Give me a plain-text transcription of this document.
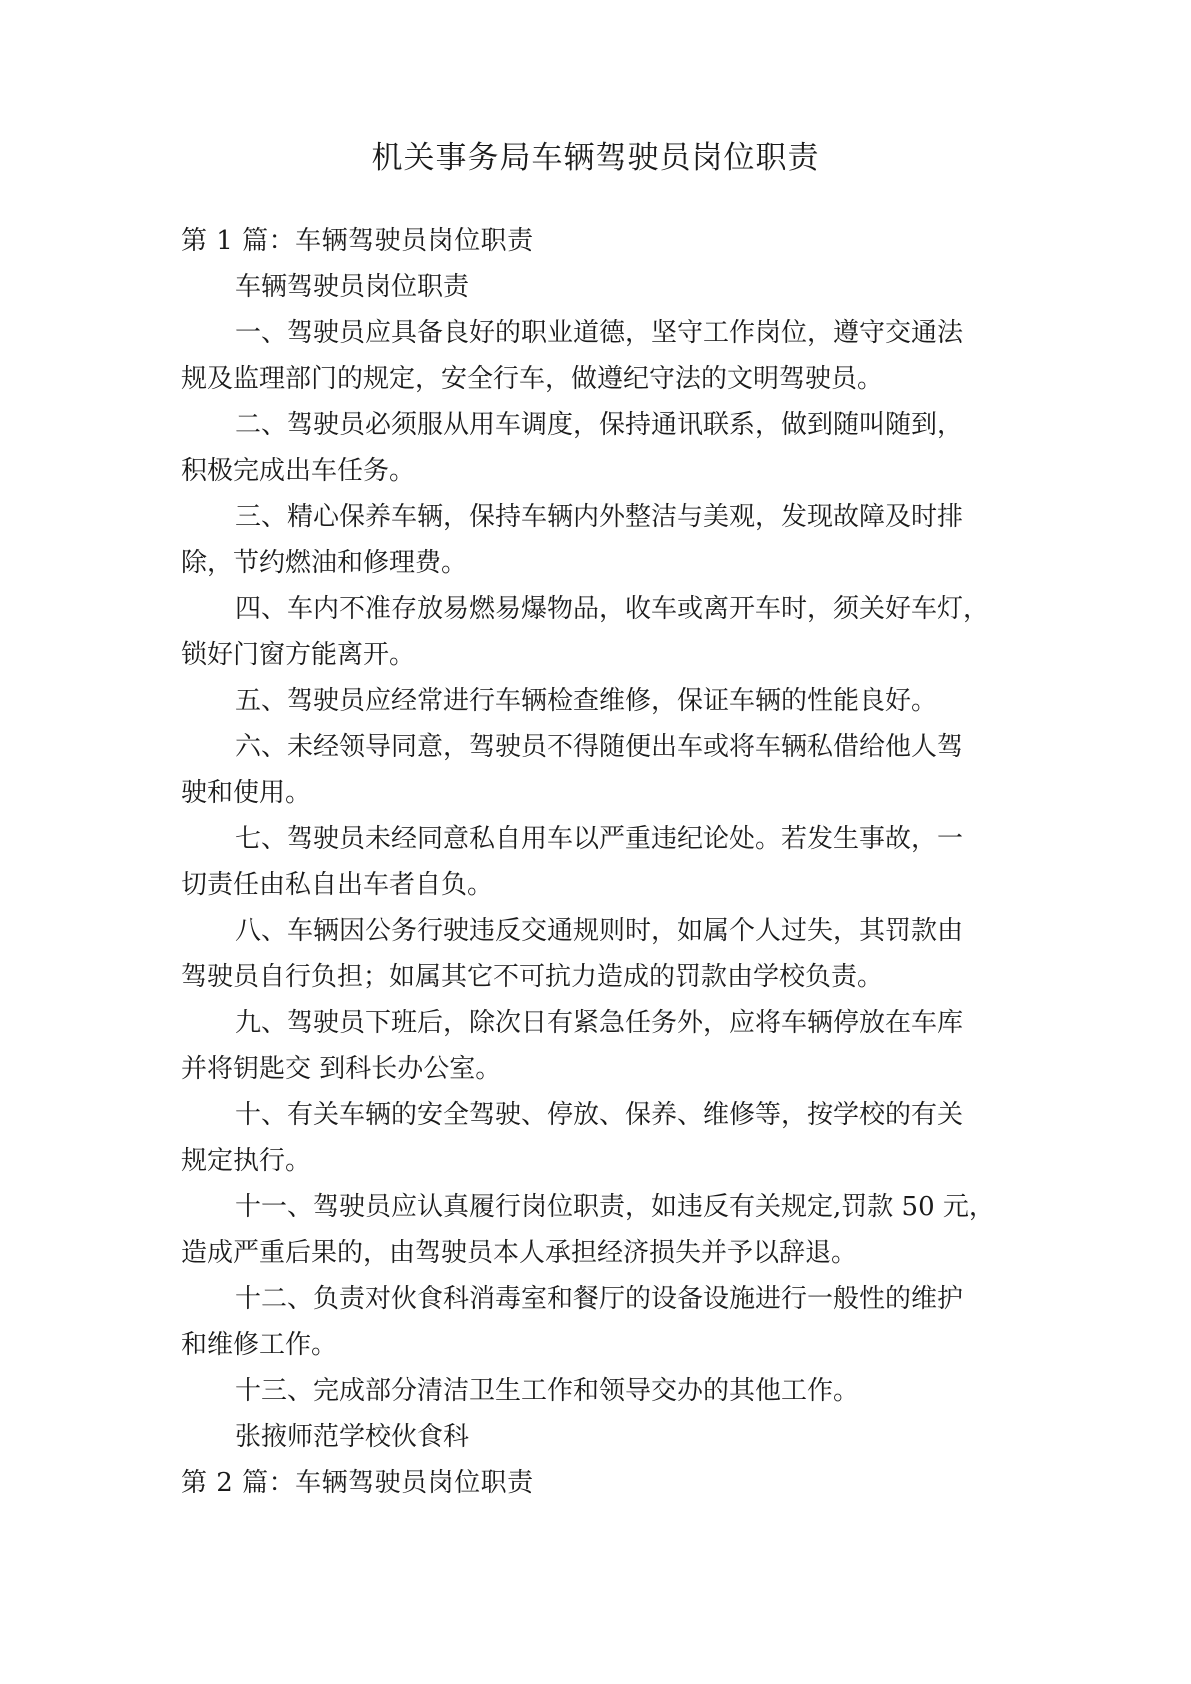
机关事务局车辆驾驶员岗位职责
第 1 篇：车辆驾驶员岗位职责
车辆驾驶员岗位职责
一、驾驶员应具备良好的职业道德，坚守工作岗位，遵守交通法
规及监理部门的规定，安全行车，做遵纪守法的文明驾驶员。
二、驾驶员必须服从用车调度，保持通讯联系，做到随叫随到，
积极完成出车任务。
三、精心保养车辆，保持车辆内外整洁与美观，发现故障及时排
除，节约燃油和修理费。
四、车内不准存放易燃易爆物品，收车或离开车时，须关好车灯，
锁好门窗方能离开。
五、驾驶员应经常进行车辆检查维修，保证车辆的性能良好。
六、未经领导同意，驾驶员不得随便出车或将车辆私借给他人驾
驶和使用。
七、驾驶员未经同意私自用车以严重违纪论处。若发生事故，一
切责任由私自出车者自负。
八、车辆因公务行驶违反交通规则时，如属个人过失，其罚款由
驾驶员自行负担；如属其它不可抗力造成的罚款由学校负责。
九、驾驶员下班后，除次日有紧急任务外，应将车辆停放在车库
并将钥匙交 到科长办公室。
十、有关车辆的安全驾驶、停放、保养、维修等，按学校的有关
规定执行。
十一、驾驶员应认真履行岗位职责，如违反有关规定,罚款 50 元，
造成严重后果的，由驾驶员本人承担经济损失并予以辞退。
十二、负责对伙食科消毒室和餐厅的设备设施进行一般性的维护
和维修工作。
十三、完成部分清洁卫生工作和领导交办的其他工作。
张掖师范学校伙食科
第 2 篇：车辆驾驶员岗位职责
